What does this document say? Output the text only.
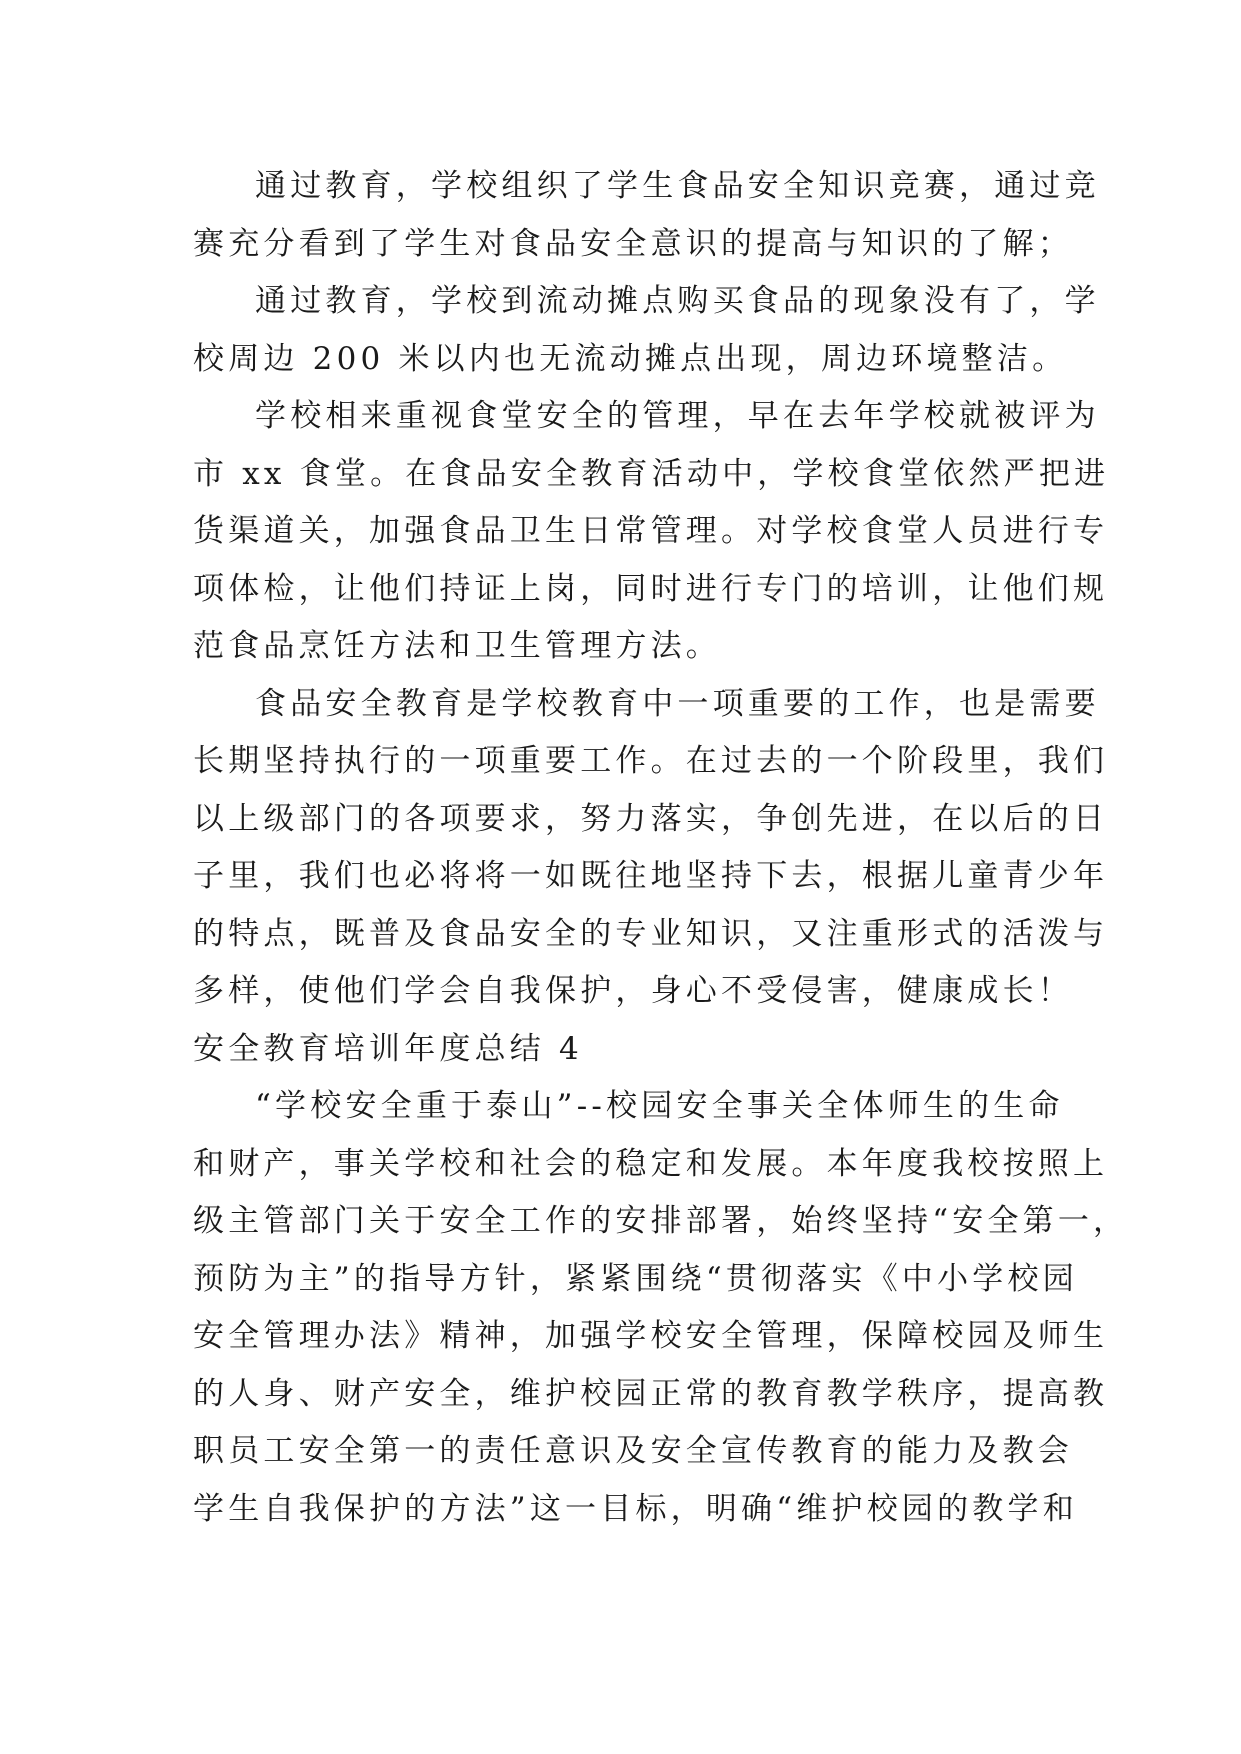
通过教育，学校组织了学生食品安全知识竞赛，通过竞
赛充分看到了学生对食品安全意识的提高与知识的了解；
通过教育，学校到流动摊点购买食品的现象没有了，学
校周边 200 米以内也无流动摊点出现，周边环境整洁。
学校相来重视食堂安全的管理，早在去年学校就被评为
市 xx 食堂。在食品安全教育活动中，学校食堂依然严把进
货渠道关，加强食品卫生日常管理。对学校食堂人员进行专
项体检，让他们持证上岗，同时进行专门的培训，让他们规
范食品烹饪方法和卫生管理方法。
食品安全教育是学校教育中一项重要的工作，也是需要
长期坚持执行的一项重要工作。在过去的一个阶段里，我们
以上级部门的各项要求，努力落实，争创先进，在以后的日
子里，我们也必将将一如既往地坚持下去，根据儿童青少年
的特点，既普及食品安全的专业知识，又注重形式的活泼与
多样，使他们学会自我保护，身心不受侵害，健康成长！
安全教育培训年度总结 4
“学校安全重于泰山”--校园安全事关全体师生的生命
和财产，事关学校和社会的稳定和发展。本年度我校按照上
级主管部门关于安全工作的安排部署，始终坚持“安全第一，
预防为主”的指导方针，紧紧围绕“贯彻落实《中小学校园
安全管理办法》精神，加强学校安全管理，保障校园及师生
的人身、财产安全，维护校园正常的教育教学秩序，提高教
职员工安全第一的责任意识及安全宣传教育的能力及教会
学生自我保护的方法”这一目标，明确“维护校园的教学和
